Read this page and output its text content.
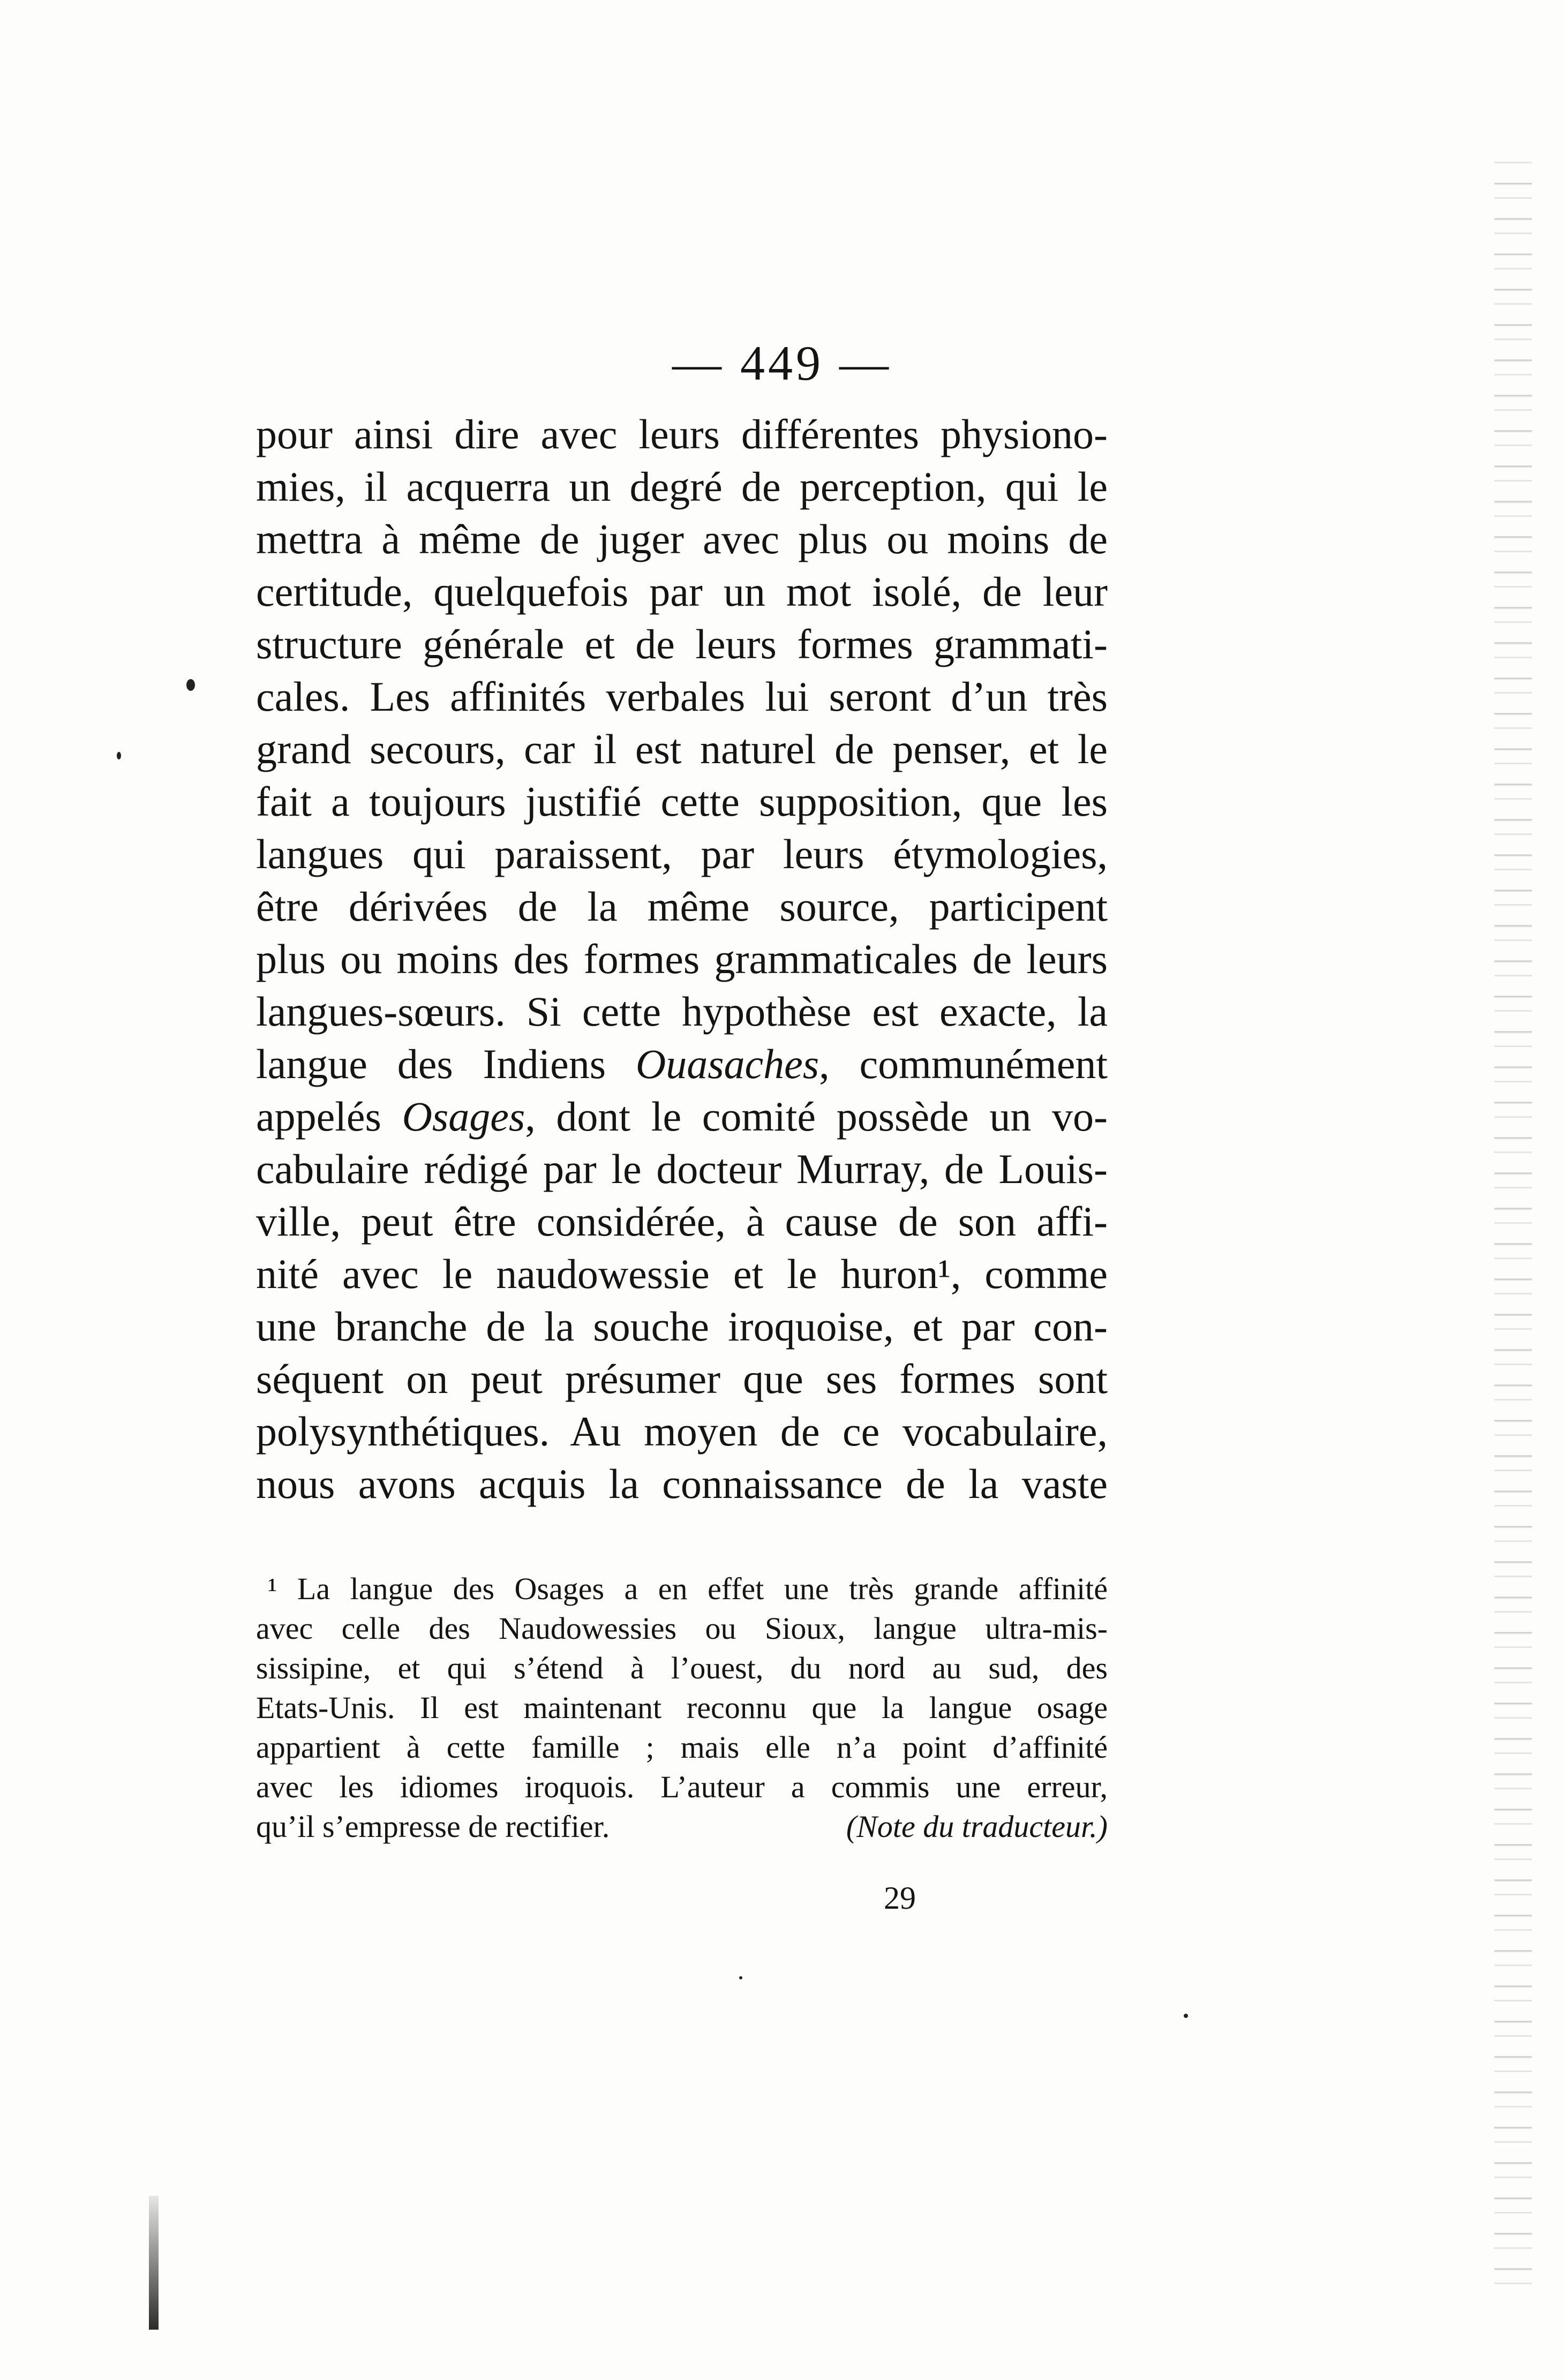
— 449 —
pour ainsi dire avec leurs différentes physiono-
mies, il acquerra un degré de perception, qui le
mettra à même de juger avec plus ou moins de
certitude, quelquefois par un mot isolé, de leur
structure générale et de leurs formes grammati-
cales. Les affinités verbales lui seront d’un très
grand secours, car il est naturel de penser, et le
fait a toujours justifié cette supposition, que les
langues qui paraissent, par leurs étymologies,
être dérivées de la même source, participent
plus ou moins des formes grammaticales de leurs
langues-sœurs. Si cette hypothèse est exacte, la
langue des Indiens Ouasaches, communément
appelés Osages, dont le comité possède un vo-
cabulaire rédigé par le docteur Murray, de Louis-
ville, peut être considérée, à cause de son affi-
nité avec le naudowessie et le huron¹, comme
une branche de la souche iroquoise, et par con-
séquent on peut présumer que ses formes sont
polysynthétiques. Au moyen de ce vocabulaire,
nous avons acquis la connaissance de la vaste
¹ La langue des Osages a en effet une très grande affinité
avec celle des Naudowessies ou Sioux, langue ultra-mis-
sissipine, et qui s’étend à l’ouest, du nord au sud, des
Etats-Unis. Il est maintenant reconnu que la langue osage
appartient à cette famille ; mais elle n’a point d’affinité
avec les idiomes iroquois. L’auteur a commis une erreur,
qu’il s’empresse de rectifier.	(Note du traducteur.)
29
